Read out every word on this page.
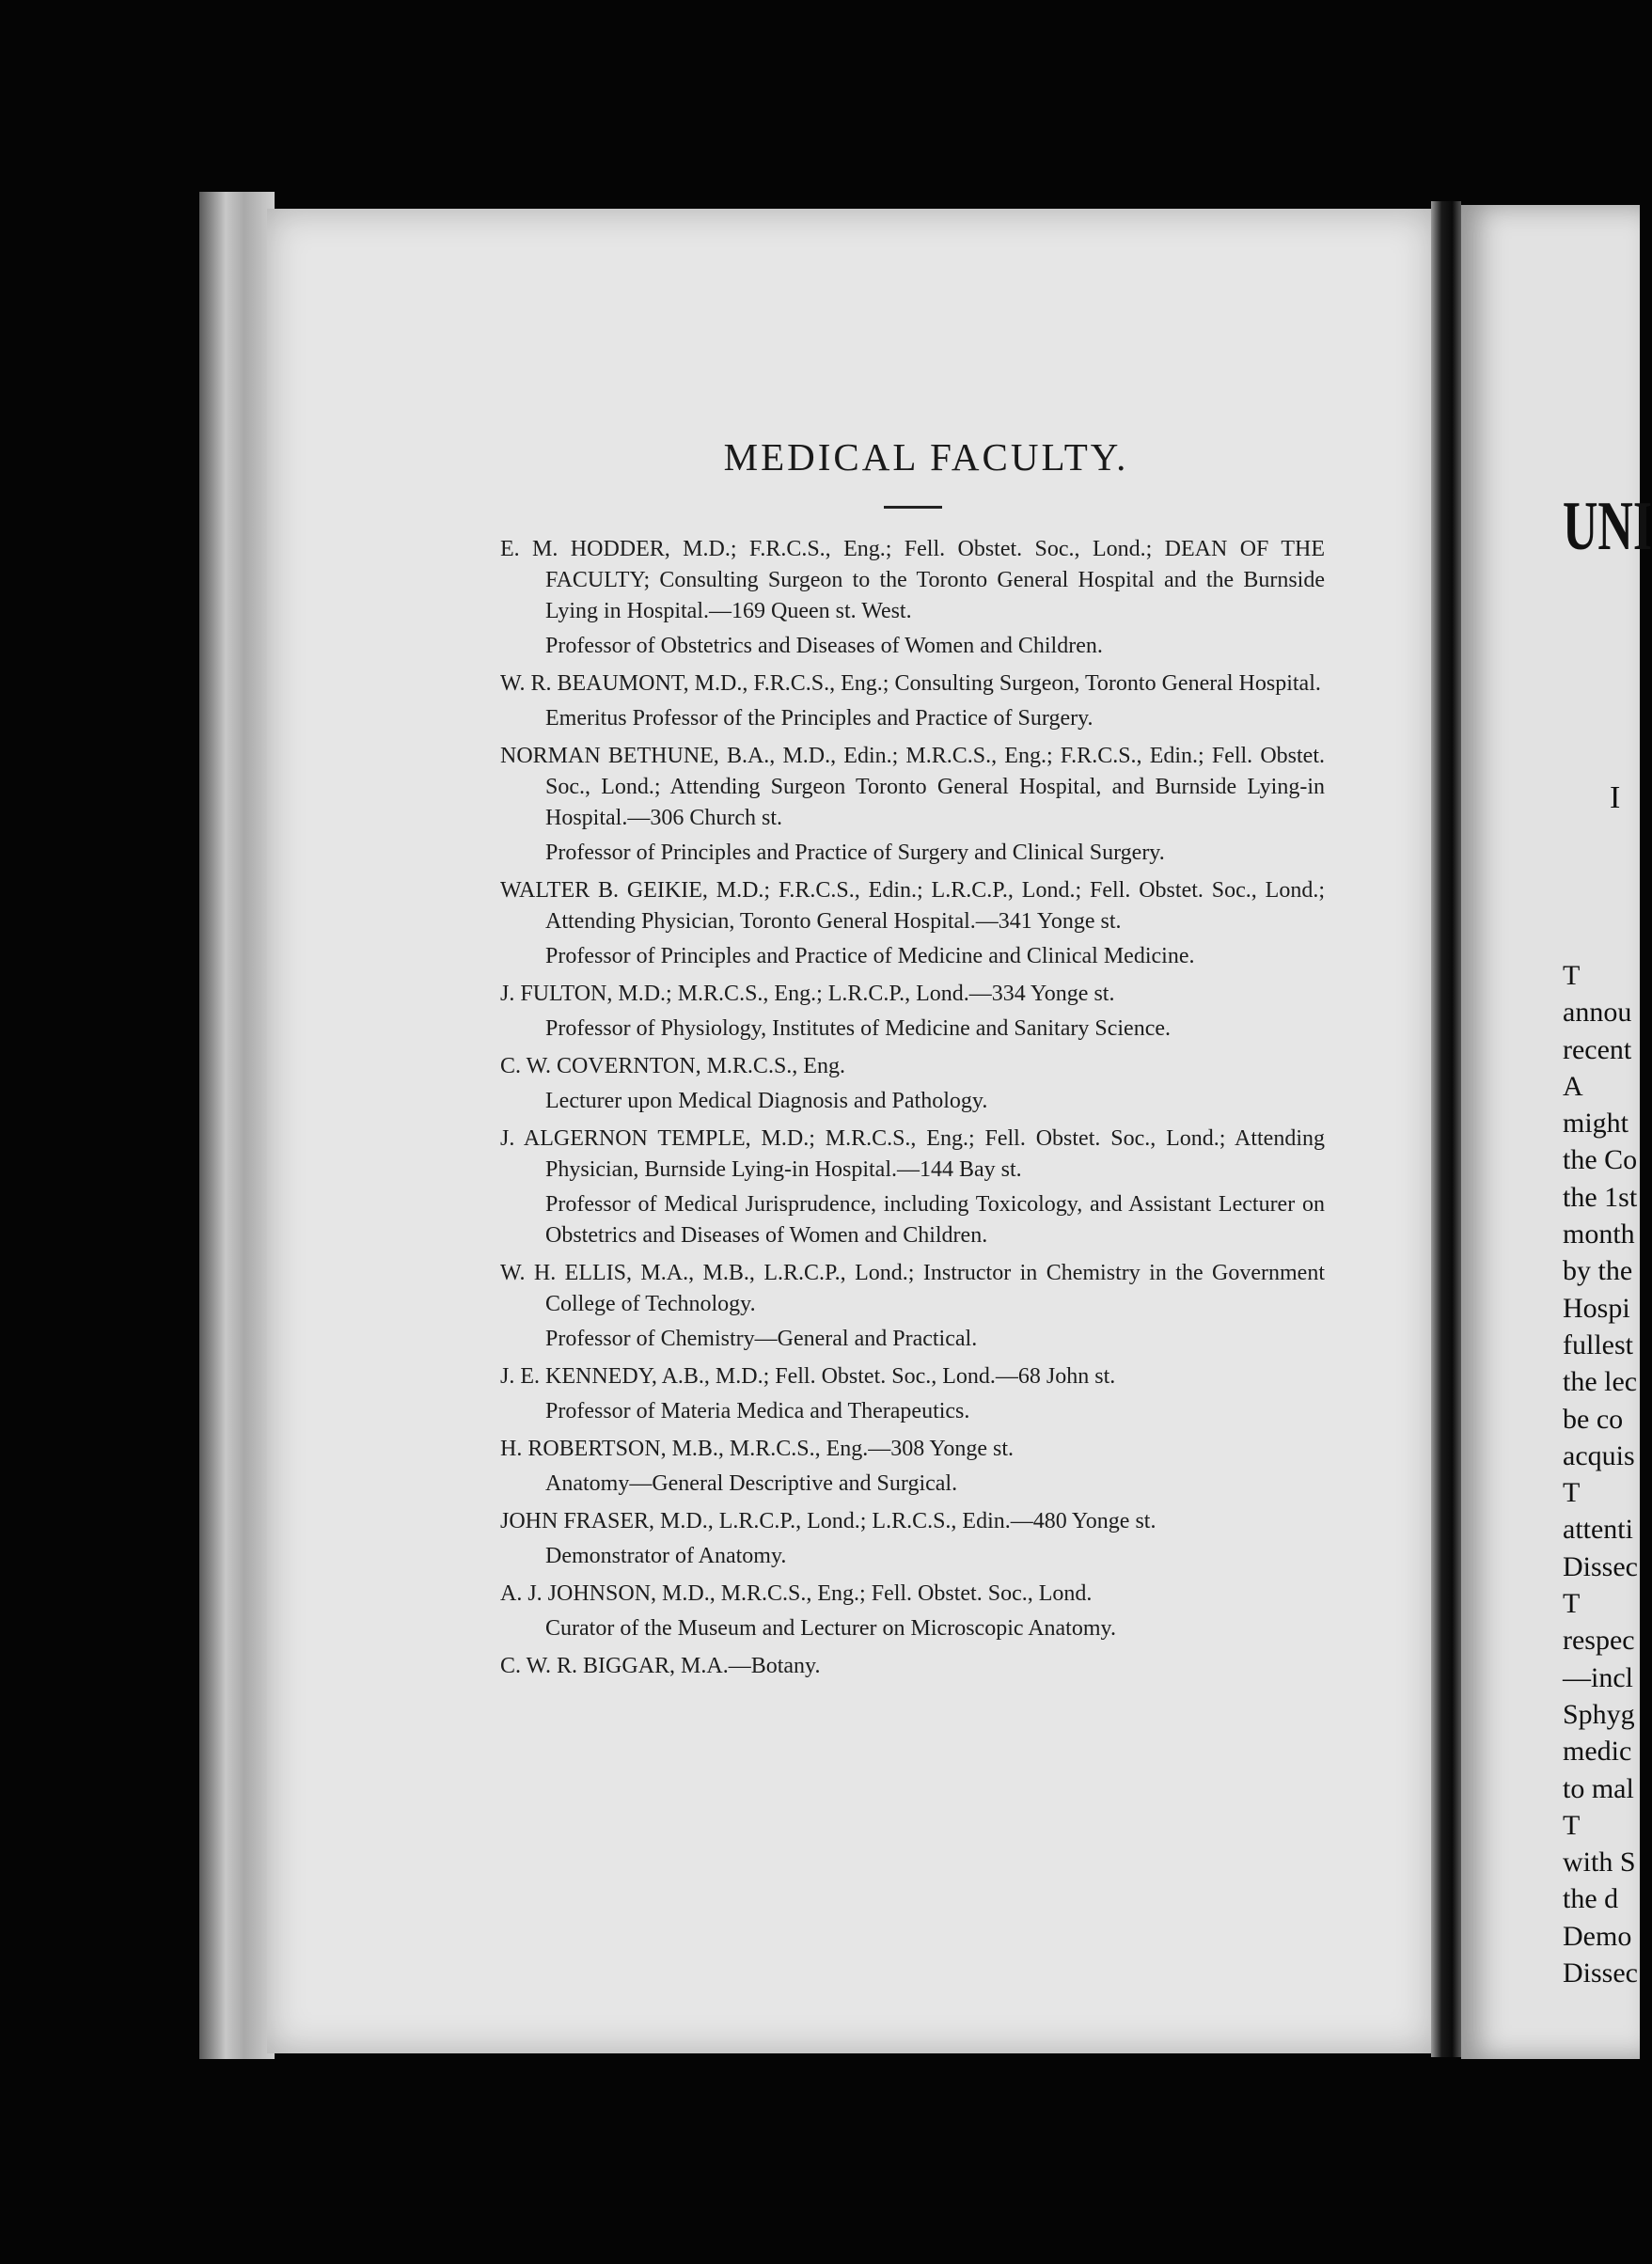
UNI
I
T
annou
recent
A
might
the Co
the 1st
month
by the
Hospi
fullest
the lec
be co
acquis
T
attenti
Dissec
T
respec
—incl
Sphyg
medic
to mal
T
with S
the d
Demo
Dissec
MEDICAL FACULTY.
E. M. HODDER, M.D.; F.R.C.S., Eng.; Fell. Obstet. Soc., Lond.; DEAN OF THE FACULTY; Consulting Surgeon to the Toronto General Hospital and the Burnside Lying in Hospital.—169 Queen st. West.
Professor of Obstetrics and Diseases of Women and Children.
W. R. BEAUMONT, M.D., F.R.C.S., Eng.; Consulting Surgeon, Toronto General Hospital.
Emeritus Professor of the Principles and Practice of Surgery.
NORMAN BETHUNE, B.A., M.D., Edin.; M.R.C.S., Eng.; F.R.C.S., Edin.; Fell. Obstet. Soc., Lond.; Attending Surgeon Toronto General Hospital, and Burnside Lying-in Hospital.—306 Church st.
Professor of Principles and Practice of Surgery and Clinical Surgery.
WALTER B. GEIKIE, M.D.; F.R.C.S., Edin.; L.R.C.P., Lond.; Fell. Obstet. Soc., Lond.; Attending Physician, Toronto General Hospital.—341 Yonge st.
Professor of Principles and Practice of Medicine and Clinical Medicine.
J. FULTON, M.D.; M.R.C.S., Eng.; L.R.C.P., Lond.—334 Yonge st.
Professor of Physiology, Institutes of Medicine and Sanitary Science.
C. W. COVERNTON, M.R.C.S., Eng.
Lecturer upon Medical Diagnosis and Pathology.
J. ALGERNON TEMPLE, M.D.; M.R.C.S., Eng.; Fell. Obstet. Soc., Lond.; Attending Physician, Burnside Lying-in Hospital.—144 Bay st.
Professor of Medical Jurisprudence, including Toxicology, and Assistant Lecturer on Obstetrics and Diseases of Women and Children.
W. H. ELLIS, M.A., M.B., L.R.C.P., Lond.; Instructor in Chemistry in the Government College of Technology.
Professor of Chemistry—General and Practical.
J. E. KENNEDY, A.B., M.D.; Fell. Obstet. Soc., Lond.—68 John st.
Professor of Materia Medica and Therapeutics.
H. ROBERTSON, M.B., M.R.C.S., Eng.—308 Yonge st.
Anatomy—General Descriptive and Surgical.
JOHN FRASER, M.D., L.R.C.P., Lond.; L.R.C.S., Edin.—480 Yonge st.
Demonstrator of Anatomy.
A. J. JOHNSON, M.D., M.R.C.S., Eng.; Fell. Obstet. Soc., Lond.
Curator of the Museum and Lecturer on Microscopic Anatomy.
C. W. R. BIGGAR, M.A.—Botany.
